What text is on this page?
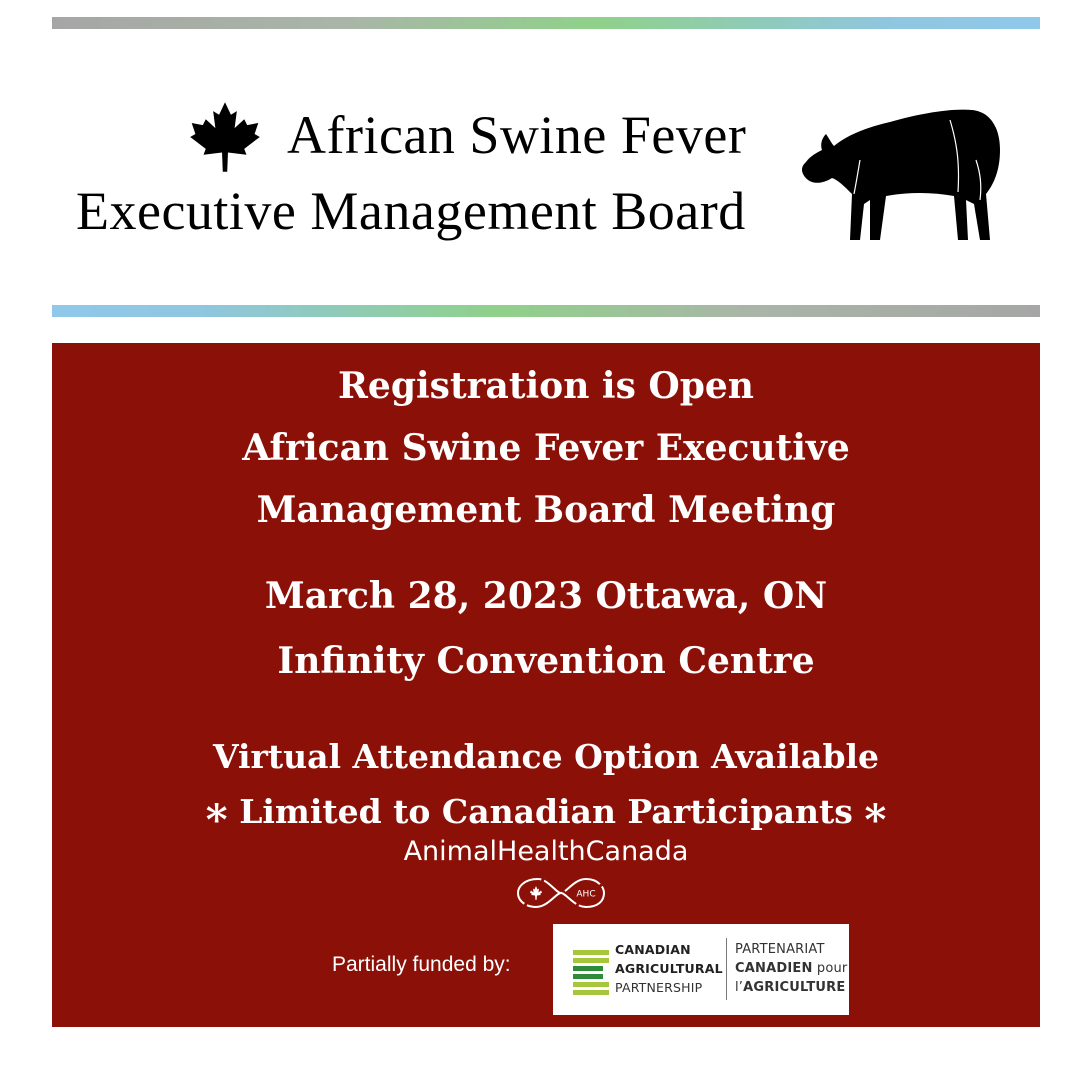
African Swine Fever
Executive Management Board

Registration is Open

African Swine Fever Executive

Management Board Meeting

March 28, 2023 Ottawa, ON

Infinity Convention Centre

Virtual Attendance Option Available

∗ Limited to Canadian Participants ∗

AnimalHealthCanada

AHC
Partially funded by:
CANADIAN
AGRICULTURAL
PARTNERSHIP
PARTENARIAT
CANADIEN pour
l’AGRICULTURE
